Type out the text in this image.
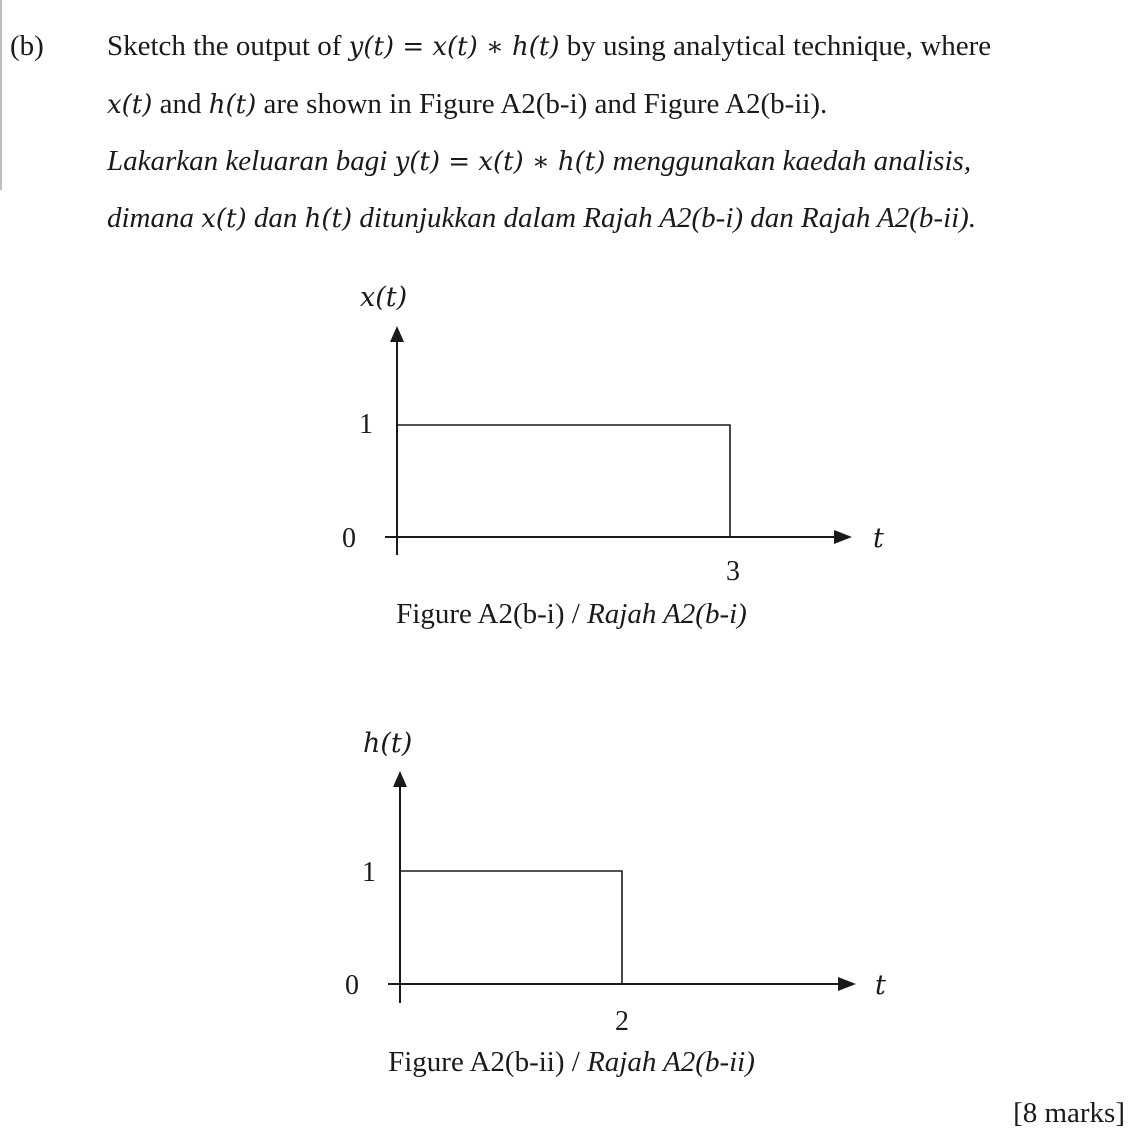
(b) Sketch the output of y(t) = x(t) ∗ h(t) by using analytical technique, where
x(t) and h(t) are shown in Figure A2(b-i) and Figure A2(b-ii).
Lakarkan keluaran bagi y(t) = x(t) ∗ h(t) menggunakan kaedah analisis,
dimana x(t) dan h(t) ditunjukkan dalam Rajah A2(b-i) dan Rajah A2(b-ii).
x(t)
1
0
3
t
Figure A2(b-i) / Rajah A2(b-i)
h(t)
1
0
2
t
Figure A2(b-ii) / Rajah A2(b-ii)
[8 marks]
